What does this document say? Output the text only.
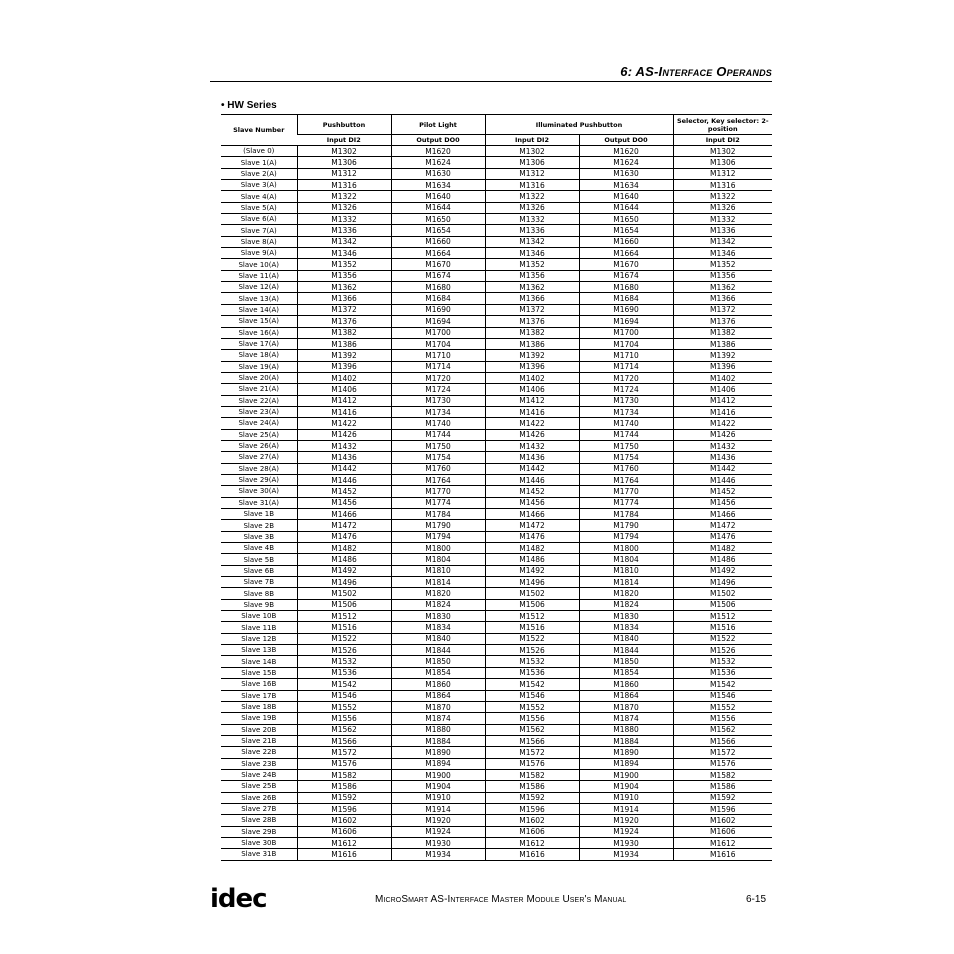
6: AS-Interface Operands
• HW Series
Slave Number	Pushbutton	Pilot Light	Illuminated Pushbutton		Selector, Key selector: 2-position
	Input DI2	Output DO0	Input DI2	Output DO0	Input DI2
(Slave 0)	M1302	M1620	M1302	M1620	M1302
Slave 1(A)	M1306	M1624	M1306	M1624	M1306
Slave 2(A)	M1312	M1630	M1312	M1630	M1312
Slave 3(A)	M1316	M1634	M1316	M1634	M1316
Slave 4(A)	M1322	M1640	M1322	M1640	M1322
Slave 5(A)	M1326	M1644	M1326	M1644	M1326
Slave 6(A)	M1332	M1650	M1332	M1650	M1332
Slave 7(A)	M1336	M1654	M1336	M1654	M1336
Slave 8(A)	M1342	M1660	M1342	M1660	M1342
Slave 9(A)	M1346	M1664	M1346	M1664	M1346
Slave 10(A)	M1352	M1670	M1352	M1670	M1352
Slave 11(A)	M1356	M1674	M1356	M1674	M1356
Slave 12(A)	M1362	M1680	M1362	M1680	M1362
Slave 13(A)	M1366	M1684	M1366	M1684	M1366
Slave 14(A)	M1372	M1690	M1372	M1690	M1372
Slave 15(A)	M1376	M1694	M1376	M1694	M1376
Slave 16(A)	M1382	M1700	M1382	M1700	M1382
Slave 17(A)	M1386	M1704	M1386	M1704	M1386
Slave 18(A)	M1392	M1710	M1392	M1710	M1392
Slave 19(A)	M1396	M1714	M1396	M1714	M1396
Slave 20(A)	M1402	M1720	M1402	M1720	M1402
Slave 21(A)	M1406	M1724	M1406	M1724	M1406
Slave 22(A)	M1412	M1730	M1412	M1730	M1412
Slave 23(A)	M1416	M1734	M1416	M1734	M1416
Slave 24(A)	M1422	M1740	M1422	M1740	M1422
Slave 25(A)	M1426	M1744	M1426	M1744	M1426
Slave 26(A)	M1432	M1750	M1432	M1750	M1432
Slave 27(A)	M1436	M1754	M1436	M1754	M1436
Slave 28(A)	M1442	M1760	M1442	M1760	M1442
Slave 29(A)	M1446	M1764	M1446	M1764	M1446
Slave 30(A)	M1452	M1770	M1452	M1770	M1452
Slave 31(A)	M1456	M1774	M1456	M1774	M1456
Slave 1B	M1466	M1784	M1466	M1784	M1466
Slave 2B	M1472	M1790	M1472	M1790	M1472
Slave 3B	M1476	M1794	M1476	M1794	M1476
Slave 4B	M1482	M1800	M1482	M1800	M1482
Slave 5B	M1486	M1804	M1486	M1804	M1486
Slave 6B	M1492	M1810	M1492	M1810	M1492
Slave 7B	M1496	M1814	M1496	M1814	M1496
Slave 8B	M1502	M1820	M1502	M1820	M1502
Slave 9B	M1506	M1824	M1506	M1824	M1506
Slave 10B	M1512	M1830	M1512	M1830	M1512
Slave 11B	M1516	M1834	M1516	M1834	M1516
Slave 12B	M1522	M1840	M1522	M1840	M1522
Slave 13B	M1526	M1844	M1526	M1844	M1526
Slave 14B	M1532	M1850	M1532	M1850	M1532
Slave 15B	M1536	M1854	M1536	M1854	M1536
Slave 16B	M1542	M1860	M1542	M1860	M1542
Slave 17B	M1546	M1864	M1546	M1864	M1546
Slave 18B	M1552	M1870	M1552	M1870	M1552
Slave 19B	M1556	M1874	M1556	M1874	M1556
Slave 20B	M1562	M1880	M1562	M1880	M1562
Slave 21B	M1566	M1884	M1566	M1884	M1566
Slave 22B	M1572	M1890	M1572	M1890	M1572
Slave 23B	M1576	M1894	M1576	M1894	M1576
Slave 24B	M1582	M1900	M1582	M1900	M1582
Slave 25B	M1586	M1904	M1586	M1904	M1586
Slave 26B	M1592	M1910	M1592	M1910	M1592
Slave 27B	M1596	M1914	M1596	M1914	M1596
Slave 28B	M1602	M1920	M1602	M1920	M1602
Slave 29B	M1606	M1924	M1606	M1924	M1606
Slave 30B	M1612	M1930	M1612	M1930	M1612
Slave 31B	M1616	M1934	M1616	M1934	M1616
idec	MicroSmart AS-Interface Master Module User's Manual	6-15
